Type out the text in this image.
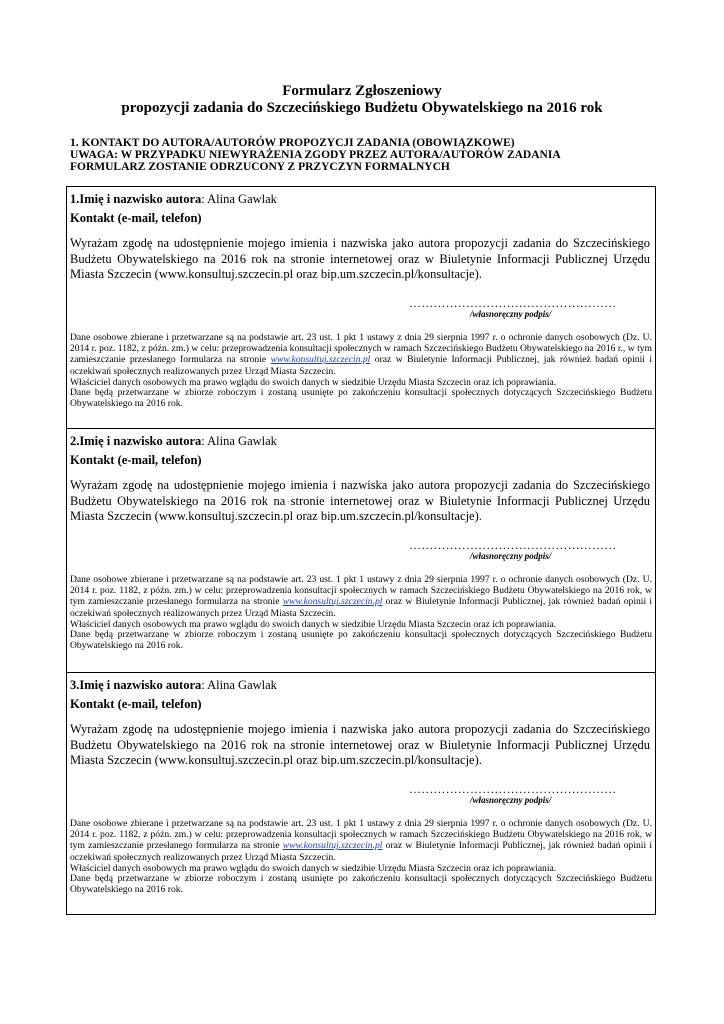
Formularz Zgłoszeniowy
propozycji zadania do Szczecińskiego Budżetu Obywatelskiego na 2016 rok
1. KONTAKT DO AUTORA/AUTORÓW PROPOZYCJI ZADANIA (OBOWIĄZKOWE)
UWAGA: W PRZYPADKU NIEWYRAŻENIA ZGODY PRZEZ AUTORA/AUTORÓW ZADANIA
FORMULARZ ZOSTANIE ODRZUCONY Z PRZYCZYN FORMALNYCH
1.Imię i nazwisko autora: Alina Gawlak
Kontakt (e-mail, telefon)
Wyrażam zgodę na udostępnienie mojego imienia i nazwiska jako autora propozycji zadania do Szczecińskiego Budżetu Obywatelskiego na 2016 rok na stronie internetowej oraz w Biuletynie Informacji Publicznej Urzędu Miasta Szczecin (www.konsultuj.szczecin.pl oraz bip.um.szczecin.pl/konsultacje).
……………………………………………
/własnoręczny podpis/
Dane osobowe zbierane i przetwarzane są na podstawie art. 23 ust. 1 pkt 1 ustawy z dnia 29 sierpnia 1997 r. o ochronie danych osobowych (Dz. U. 2014 r. poz. 1182, z późn. zm.) w celu: przeprowadzenia konsultacji społecznych w ramach Szczecińskiego Budżetu Obywatelskiego na 2016 r., w tym zamieszczanie przesłanego formularza na stronie www.konsultuj.szczecin.pl oraz w Biuletynie Informacji Publicznej, jak również badań opinii i oczekiwań społecznych realizowanych przez Urząd Miasta Szczecin.
Właściciel danych osobowych ma prawo wglądu do swoich danych w siedzibie Urzędu Miasta Szczecin oraz ich poprawiania.
Dane będą przetwarzane w zbiorze roboczym i zostaną usunięte po zakończeniu konsultacji społecznych dotyczących Szczecińskiego Budżetu Obywatelskiego na 2016 rok.
2.Imię i nazwisko autora: Alina Gawlak
Kontakt (e-mail, telefon)
Wyrażam zgodę na udostępnienie mojego imienia i nazwiska jako autora propozycji zadania do Szczecińskiego Budżetu Obywatelskiego na 2016 rok na stronie internetowej oraz w Biuletynie Informacji Publicznej Urzędu Miasta Szczecin (www.konsultuj.szczecin.pl oraz bip.um.szczecin.pl/konsultacje).
……………………………………………
/własnoręczny podpis/
Dane osobowe zbierane i przetwarzane są na podstawie art. 23 ust. 1 pkt 1 ustawy z dnia 29 sierpnia 1997 r. o ochronie danych osobowych (Dz. U. 2014 r. poz. 1182, z późn. zm.) w celu: przeprowadzenia konsultacji społecznych w ramach Szczecińskiego Budżetu Obywatelskiego na 2016 rok, w tym zamieszczanie przesłanego formularza na stronie www.konsultuj.szczecin.pl oraz w Biuletynie Informacji Publicznej, jak również badań opinii i oczekiwań społecznych realizowanych przez Urząd Miasta Szczecin.
Właściciel danych osobowych ma prawo wglądu do swoich danych w siedzibie Urzędu Miasta Szczecin oraz ich poprawiania.
Dane będą przetwarzane w zbiorze roboczym i zostaną usunięte po zakończeniu konsultacji społecznych dotyczących Szczecińskiego Budżetu Obywatelskiego na 2016 rok.
3.Imię i nazwisko autora: Alina Gawlak
Kontakt (e-mail, telefon)
Wyrażam zgodę na udostępnienie mojego imienia i nazwiska jako autora propozycji zadania do Szczecińskiego Budżetu Obywatelskiego na 2016 rok na stronie internetowej oraz w Biuletynie Informacji Publicznej Urzędu Miasta Szczecin (www.konsultuj.szczecin.pl oraz bip.um.szczecin.pl/konsultacje).
……………………………………………
/własnoręczny podpis/
Dane osobowe zbierane i przetwarzane są na podstawie art. 23 ust. 1 pkt 1 ustawy z dnia 29 sierpnia 1997 r. o ochronie danych osobowych (Dz. U. 2014 r. poz. 1182, z późn. zm.) w celu: przeprowadzenia konsultacji społecznych w ramach Szczecińskiego Budżetu Obywatelskiego na 2016 rok, w tym zamieszczanie przesłanego formularza na stronie www.konsultuj.szczecin.pl oraz w Biuletynie Informacji Publicznej, jak również badań opinii i oczekiwań społecznych realizowanych przez Urząd Miasta Szczecin.
Właściciel danych osobowych ma prawo wglądu do swoich danych w siedzibie Urzędu Miasta Szczecin oraz ich poprawiania.
Dane będą przetwarzane w zbiorze roboczym i zostaną usunięte po zakończeniu konsultacji społecznych dotyczących Szczecińskiego Budżetu Obywatelskiego na 2016 rok.
